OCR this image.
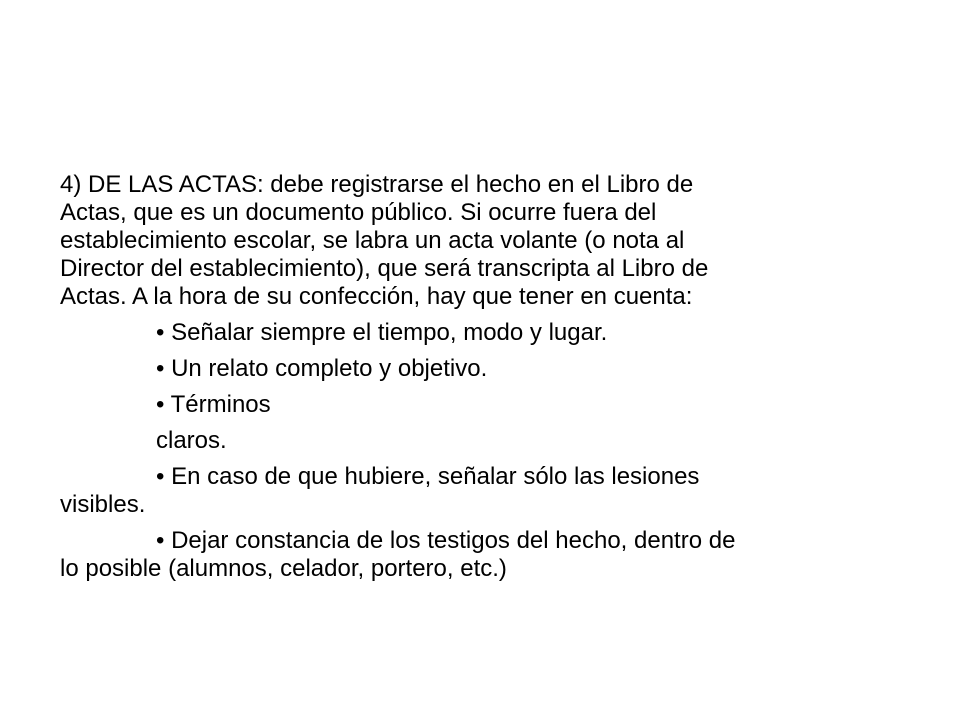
4) DE LAS ACTAS: debe registrarse el hecho en el Libro de
Actas, que es un documento público. Si ocurre fuera del
establecimiento escolar, se labra un acta volante (o nota al
Director del establecimiento), que será transcripta al Libro de
Actas. A la hora de su confección, hay que tener en cuenta:
• Señalar siempre el tiempo, modo y lugar.
• Un relato completo y objetivo.
• Términos
claros.
• En caso de que hubiere, señalar sólo las lesiones
visibles.
• Dejar constancia de los testigos del hecho, dentro de
lo posible (alumnos, celador, portero, etc.)
